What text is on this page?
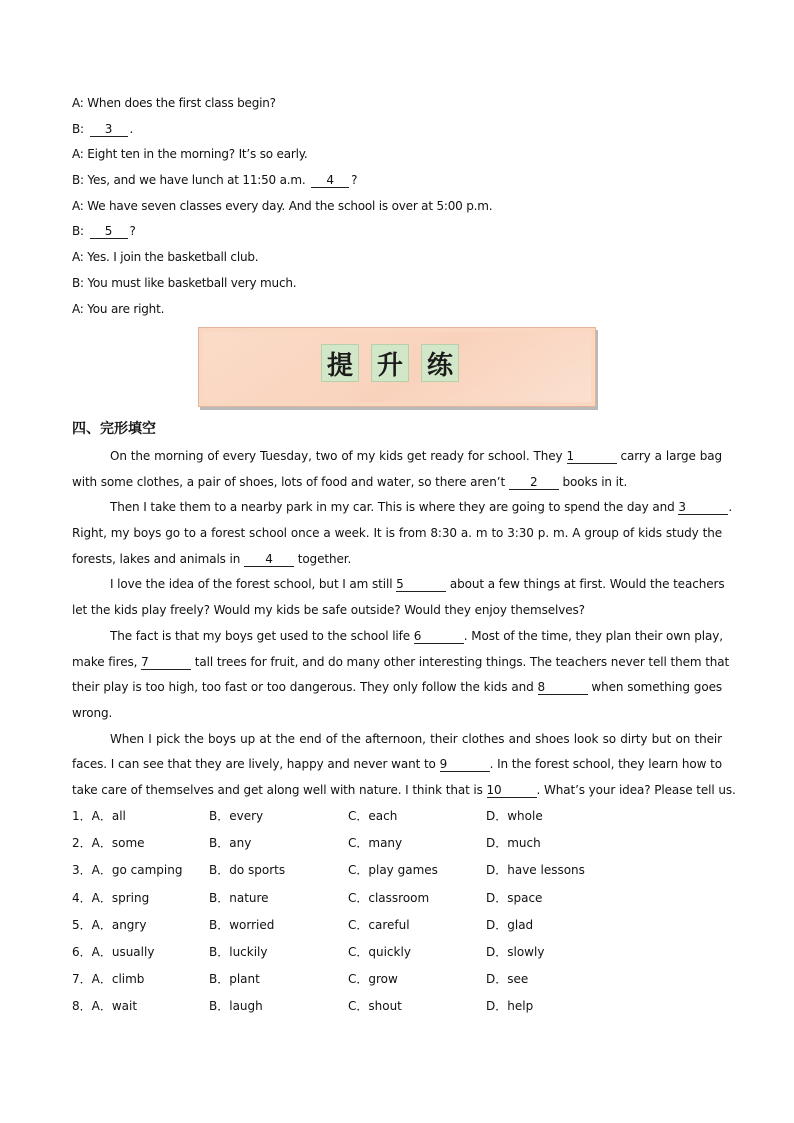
A: When does the first class begin?
B: 3 .
A: Eight ten in the morning? It’s so early.
B: Yes, and we have lunch at 11:50 a.m. 4 ?
A: We have seven classes every day. And the school is over at 5:00 p.m.
B: 5 ?
A: Yes. I join the basketball club.
B: You must like basketball very much.
A: You are right.
提 升 练
四、完形填空
On the morning of every Tuesday, two of my kids get ready for school. They 1	carry a large bag
with some clothes, a pair of shoes, lots of food and water, so there aren’t 2 books in it.
Then I take them to a nearby park in my car. This is where they are going to spend the day and 3	.
Right, my boys go to a forest school once a week. It is from 8:30 a. m to 3:30 p. m. A group of kids study the
forests, lakes and animals in 4 together.
I love the idea of the forest school, but I am still 5	about a few things at first. Would the teachers
let the kids play freely? Would my kids be safe outside? Would they enjoy themselves?
The fact is that my boys get used to the school life 6	. Most of the time, they plan their own play,
make fires, 7	tall trees for fruit, and do many other interesting things. The teachers never tell them that
their play is too high, too fast or too dangerous. They only follow the kids and 8	when something goes
wrong.
When I pick the boys up at the end of the afternoon, their clothes and shoes look so dirty but on their
faces. I can see that they are lively, happy and never want to 9	. In the forest school, they learn how to
take care of themselves and get along well with nature. I think that is 10	. What’s your idea? Please tell us.
1．A．all	B．every	C．each	D．whole
2．A．some	B．any	C．many	D．much
3．A．go camping B．do sports	C．play games	D．have lessons
4．A．spring	B．nature	C．classroom	D．space
5．A．angry	B．worried	C．careful	D．glad
6．A．usually	B．luckily	C．quickly	D．slowly
7．A．climb	B．plant	C．grow	D．see
8．A．wait	B．laugh	C．shout	D．help
